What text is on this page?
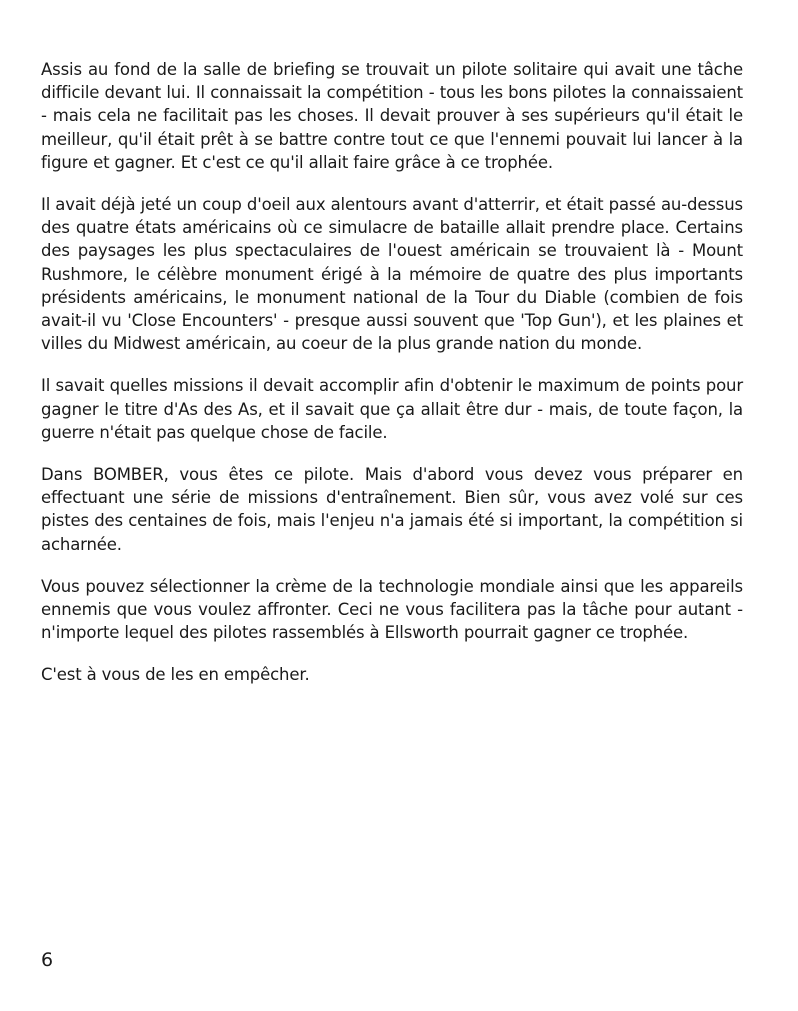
Assis au fond de la salle de briefing se trouvait un pilote solitaire qui avait une tâche difficile devant lui. Il connaissait la compétition - tous les bons pilotes la connaissaient - mais cela ne facilitait pas les choses. Il devait prouver à ses supérieurs qu'il était le meilleur, qu'il était prêt à se battre contre tout ce que l'ennemi pouvait lui lancer à la figure et gagner. Et c'est ce qu'il allait faire grâce à ce trophée.

Il avait déjà jeté un coup d'oeil aux alentours avant d'atterrir, et était passé au-dessus des quatre états américains où ce simulacre de bataille allait prendre place. Certains des paysages les plus spectaculaires de l'ouest américain se trouvaient là - Mount Rushmore, le célèbre monument érigé à la mémoire de quatre des plus importants présidents américains, le monument national de la Tour du Diable (combien de fois avait-il vu 'Close Encounters' - presque aussi souvent que 'Top Gun'), et les plaines et villes du Midwest américain, au coeur de la plus grande nation du monde.

Il savait quelles missions il devait accomplir afin d'obtenir le maximum de points pour gagner le titre d'As des As, et il savait que ça allait être dur - mais, de toute façon, la guerre n'était pas quelque chose de facile.

Dans BOMBER, vous êtes ce pilote. Mais d'abord vous devez vous préparer en effectuant une série de missions d'entraînement. Bien sûr, vous avez volé sur ces pistes des centaines de fois, mais l'enjeu n'a jamais été si important, la compétition si acharnée.

Vous pouvez sélectionner la crème de la technologie mondiale ainsi que les appareils ennemis que vous voulez affronter. Ceci ne vous facilitera pas la tâche pour autant - n'importe lequel des pilotes rassemblés à Ellsworth pourrait gagner ce trophée.

C'est à vous de les en empêcher.

6
